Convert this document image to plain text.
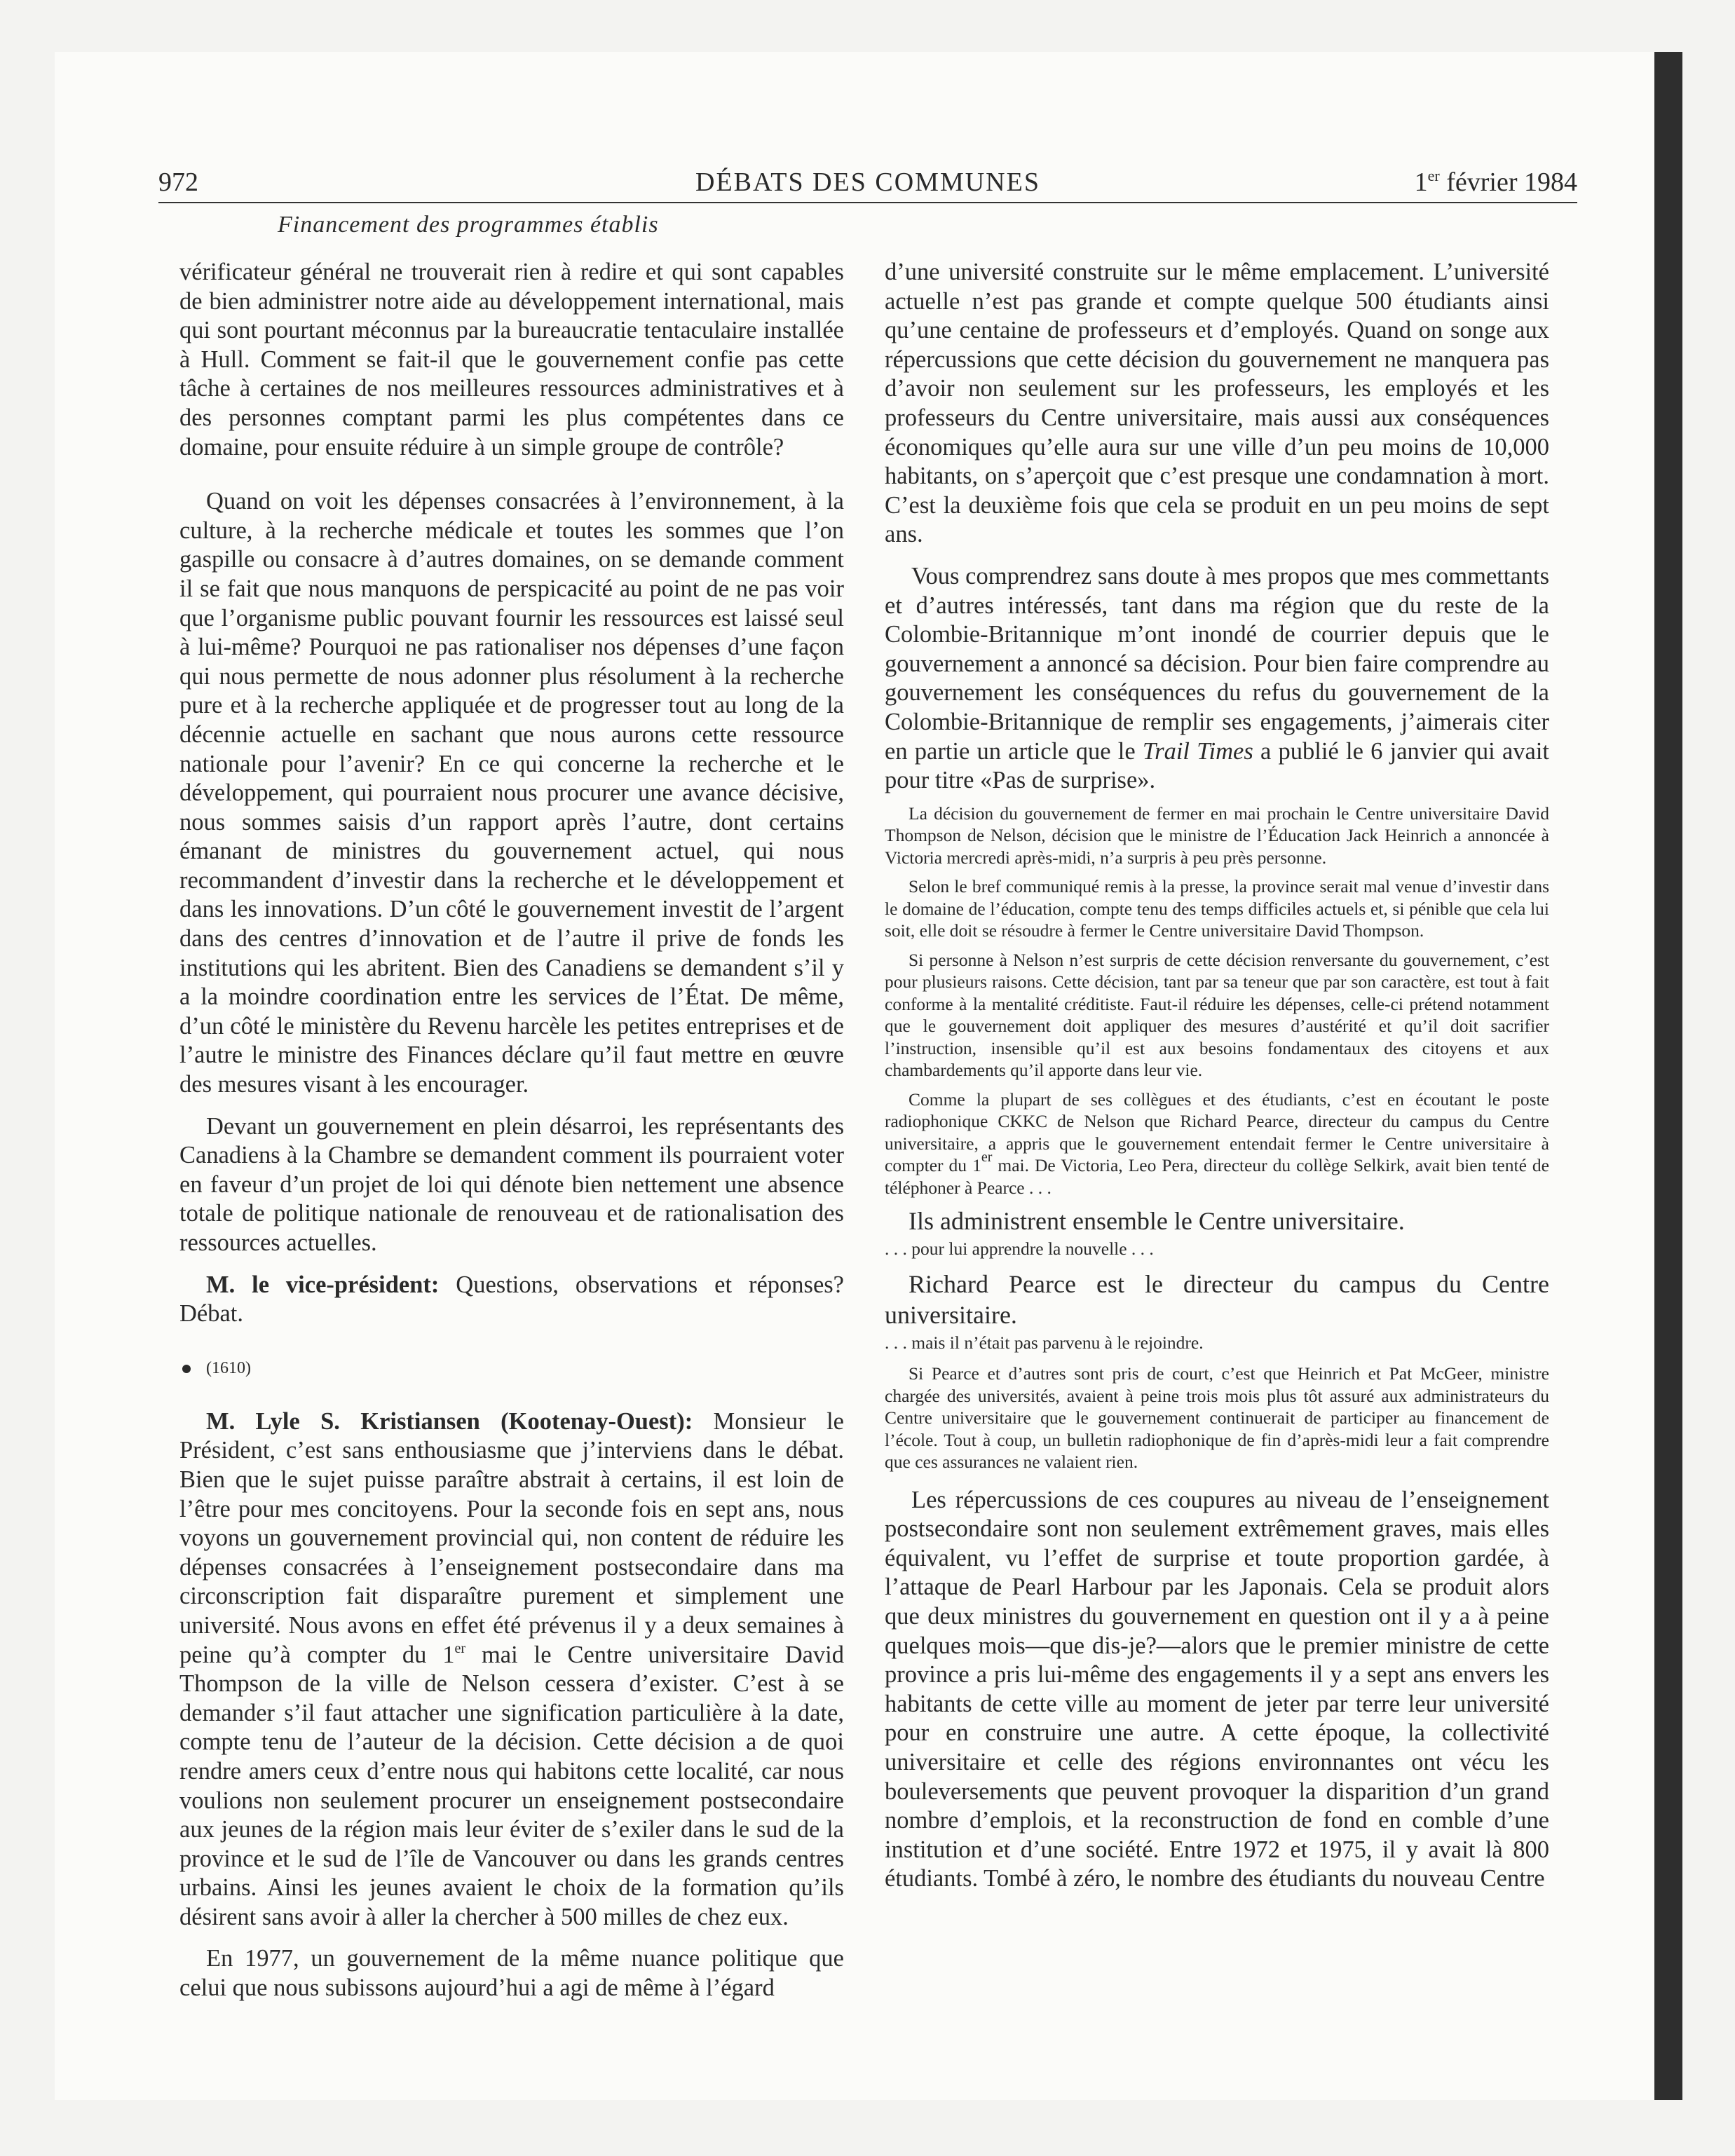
972	DÉBATS DES COMMUNES	1er février 1984
Financement des programmes établis

vérificateur général ne trouverait rien à redire et qui sont capables de bien administrer notre aide au développement international, mais qui sont pourtant méconnus par la bureaucratie tentaculaire installée à Hull. Comment se fait-il que le gouvernement confie pas cette tâche à certaines de nos meilleures ressources administratives et à des personnes comptant parmi les plus compétentes dans ce domaine, pour ensuite réduire à un simple groupe de contrôle?

Quand on voit les dépenses consacrées à l’environnement, à la culture, à la recherche médicale et toutes les sommes que l’on gaspille ou consacre à d’autres domaines, on se demande comment il se fait que nous manquons de perspicacité au point de ne pas voir que l’organisme public pouvant fournir les ressources est laissé seul à lui-même? Pourquoi ne pas rationaliser nos dépenses d’une façon qui nous permette de nous adonner plus résolument à la recherche pure et à la recherche appliquée et de progresser tout au long de la décennie actuelle en sachant que nous aurons cette ressource nationale pour l’avenir? En ce qui concerne la recherche et le développement, qui pourraient nous procurer une avance décisive, nous sommes saisis d’un rapport après l’autre, dont certains émanant de ministres du gouvernement actuel, qui nous recommandent d’investir dans la recherche et le développement et dans les innovations. D’un côté le gouvernement investit de l’argent dans des centres d’innovation et de l’autre il prive de fonds les institutions qui les abritent. Bien des Canadiens se demandent s’il y a la moindre coordination entre les services de l’État. De même, d’un côté le ministère du Revenu harcèle les petites entreprises et de l’autre le ministre des Finances déclare qu’il faut mettre en œuvre des mesures visant à les encourager.

Devant un gouvernement en plein désarroi, les représentants des Canadiens à la Chambre se demandent comment ils pourraient voter en faveur d’un projet de loi qui dénote bien nettement une absence totale de politique nationale de renouveau et de rationalisation des ressources actuelles.

M. le vice-président: Questions, observations et réponses? Débat.

(1610)

M. Lyle S. Kristiansen (Kootenay-Ouest): Monsieur le Président, c’est sans enthousiasme que j’interviens dans le débat. Bien que le sujet puisse paraître abstrait à certains, il est loin de l’être pour mes concitoyens. Pour la seconde fois en sept ans, nous voyons un gouvernement provincial qui, non content de réduire les dépenses consacrées à l’enseignement postsecondaire dans ma circonscription fait disparaître purement et simplement une université. Nous avons en effet été prévenus il y a deux semaines à peine qu’à compter du 1er mai le Centre universitaire David Thompson de la ville de Nelson cessera d’exister. C’est à se demander s’il faut attacher une signification particulière à la date, compte tenu de l’auteur de la décision. Cette décision a de quoi rendre amers ceux d’entre nous qui habitons cette localité, car nous voulions non seulement procurer un enseignement postsecondaire aux jeunes de la région mais leur éviter de s’exiler dans le sud de la province et le sud de l’île de Vancouver ou dans les grands centres urbains. Ainsi les jeunes avaient le choix de la formation qu’ils désirent sans avoir à aller la chercher à 500 milles de chez eux.

En 1977, un gouvernement de la même nuance politique que celui que nous subissons aujourd’hui a agi de même à l’égard

d’une université construite sur le même emplacement. L’université actuelle n’est pas grande et compte quelque 500 étudiants ainsi qu’une centaine de professeurs et d’employés. Quand on songe aux répercussions que cette décision du gouvernement ne manquera pas d’avoir non seulement sur les professeurs, les employés et les professeurs du Centre universitaire, mais aussi aux conséquences économiques qu’elle aura sur une ville d’un peu moins de 10,000 habitants, on s’aperçoit que c’est presque une condamnation à mort. C’est la deuxième fois que cela se produit en un peu moins de sept ans.

Vous comprendrez sans doute à mes propos que mes commettants et d’autres intéressés, tant dans ma région que du reste de la Colombie-Britannique m’ont inondé de courrier depuis que le gouvernement a annoncé sa décision. Pour bien faire comprendre au gouvernement les conséquences du refus du gouvernement de la Colombie-Britannique de remplir ses engagements, j’aimerais citer en partie un article que le Trail Times a publié le 6 janvier qui avait pour titre «Pas de surprise».

La décision du gouvernement de fermer en mai prochain le Centre universitaire David Thompson de Nelson, décision que le ministre de l’Éducation Jack Heinrich a annoncée à Victoria mercredi après-midi, n’a surpris à peu près personne.

Selon le bref communiqué remis à la presse, la province serait mal venue d’investir dans le domaine de l’éducation, compte tenu des temps difficiles actuels et, si pénible que cela lui soit, elle doit se résoudre à fermer le Centre universitaire David Thompson.

Si personne à Nelson n’est surpris de cette décision renversante du gouvernement, c’est pour plusieurs raisons. Cette décision, tant par sa teneur que par son caractère, est tout à fait conforme à la mentalité créditiste. Faut-il réduire les dépenses, celle-ci prétend notamment que le gouvernement doit appliquer des mesures d’austérité et qu’il doit sacrifier l’instruction, insensible qu’il est aux besoins fondamentaux des citoyens et aux chambardements qu’il apporte dans leur vie.

Comme la plupart de ses collègues et des étudiants, c’est en écoutant le poste radiophonique CKKC de Nelson que Richard Pearce, directeur du campus du Centre universitaire, a appris que le gouvernement entendait fermer le Centre universitaire à compter du 1er mai. De Victoria, Leo Pera, directeur du collège Selkirk, avait bien tenté de téléphoner à Pearce . . .

Ils administrent ensemble le Centre universitaire.

. . . pour lui apprendre la nouvelle . . .

Richard Pearce est le directeur du campus du Centre universitaire.

. . . mais il n’était pas parvenu à le rejoindre.

Si Pearce et d’autres sont pris de court, c’est que Heinrich et Pat McGeer, ministre chargée des universités, avaient à peine trois mois plus tôt assuré aux administrateurs du Centre universitaire que le gouvernement continuerait de participer au financement de l’école. Tout à coup, un bulletin radiophonique de fin d’après-midi leur a fait comprendre que ces assurances ne valaient rien.

Les répercussions de ces coupures au niveau de l’enseignement postsecondaire sont non seulement extrêmement graves, mais elles équivalent, vu l’effet de surprise et toute proportion gardée, à l’attaque de Pearl Harbour par les Japonais. Cela se produit alors que deux ministres du gouvernement en question ont il y a à peine quelques mois—que dis-je?—alors que le premier ministre de cette province a pris lui-même des engagements il y a sept ans envers les habitants de cette ville au moment de jeter par terre leur université pour en construire une autre. A cette époque, la collectivité universitaire et celle des régions environnantes ont vécu les bouleversements que peuvent provoquer la disparition d’un grand nombre d’emplois, et la reconstruction de fond en comble d’une institution et d’une société. Entre 1972 et 1975, il y avait là 800 étudiants. Tombé à zéro, le nombre des étudiants du nouveau Centre
